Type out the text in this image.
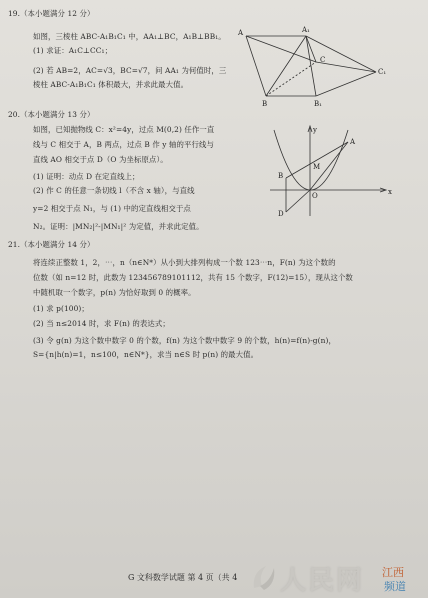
19.（本小题满分 12 分）
如图，三棱柱 ABC-A₁B₁C₁ 中，AA₁⊥BC，A₁B⊥BB₁。
(1) 求证：A₁C⊥CC₁；
(2) 若 AB=2，AC=√3，BC=√7，问 AA₁ 为何值时，三
棱柱 ABC-A₁B₁C₁ 体积最大，并求此最大值。
A	A₁
B	B₁
C
C₁
20.（本小题满分 13 分）
如图，已知抛物线 C：x²=4y，过点 M(0,2) 任作一直
线与 C 相交于 A，B 两点，过点 B 作 y 轴的平行线与
直线 AO 相交于点 D（O 为坐标原点）。
(1) 证明：动点 D 在定直线上；
(2) 作 C 的任意一条切线 l（不含 x 轴），与直线
y=2 相交于点 N₁，与 (1) 中的定直线相交于点
N₂。证明：|MN₂|²-|MN₁|² 为定值，并求此定值。
y
x
A
B
D
O
M
21.（本小题满分 14 分）
将连续正整数 1，2，⋯，n（n∈N*）从小到大排列构成一个数 123⋯n，F(n) 为这个数的
位数（如 n=12 时，此数为 123456789101112，共有 15 个数字，F(12)=15），现从这个数
中随机取一个数字，p(n) 为恰好取到 0 的概率。
(1) 求 p(100)；
(2) 当 n≤2014 时，求 F(n) 的表达式；
(3) 令 g(n) 为这个数中数字 0 的个数，f(n) 为这个数中数字 9 的个数，h(n)=f(n)-g(n)，
S={n|h(n)=1，n≤100，n∈N*}，求当 n∈S 时 p(n) 的最大值。
G 文科数学试题 第 4 页（共 4 人民网 江西
频道
